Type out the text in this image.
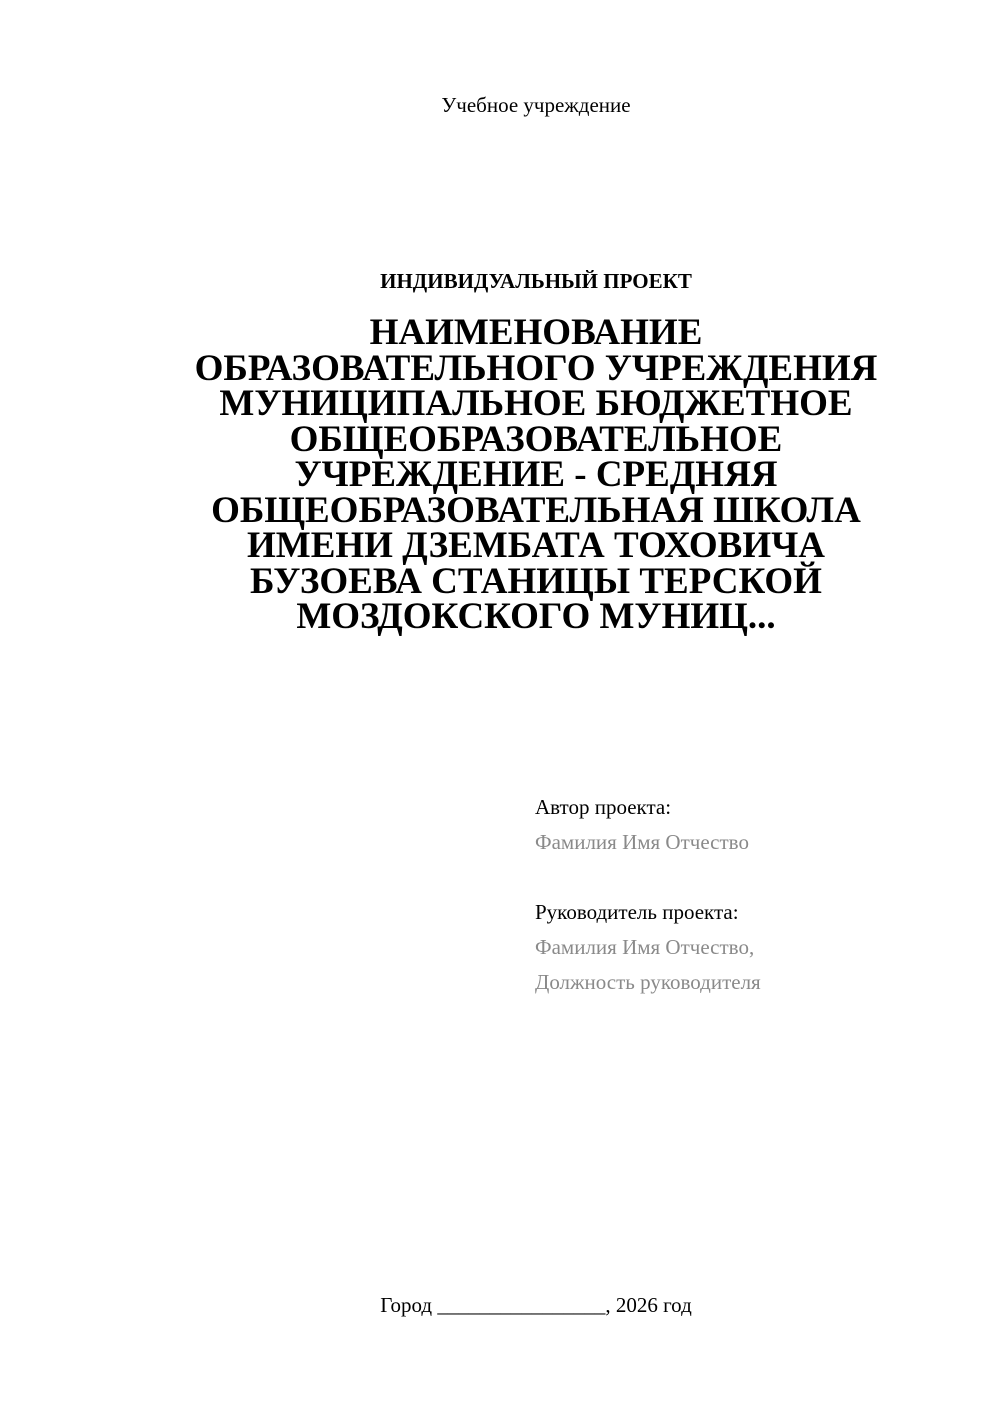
Учебное учреждение
ИНДИВИДУАЛЬНЫЙ ПРОЕКТ
НАИМЕНОВАНИЕ
ОБРАЗОВАТЕЛЬНОГО УЧРЕЖДЕНИЯ
МУНИЦИПАЛЬНОЕ БЮДЖЕТНОЕ
ОБЩЕОБРАЗОВАТЕЛЬНОЕ
УЧРЕЖДЕНИЕ - СРЕДНЯЯ
ОБЩЕОБРАЗОВАТЕЛЬНАЯ ШКОЛА
ИМЕНИ ДЗЕМБАТА ТОХОВИЧА
БУЗОЕВА СТАНИЦЫ ТЕРСКОЙ
МОЗДОКСКОГО МУНИЦ...
Автор проекта:
Фамилия Имя Отчество
Руководитель проекта:
Фамилия Имя Отчество,
Должность руководителя
Город ________________, 2026 год
